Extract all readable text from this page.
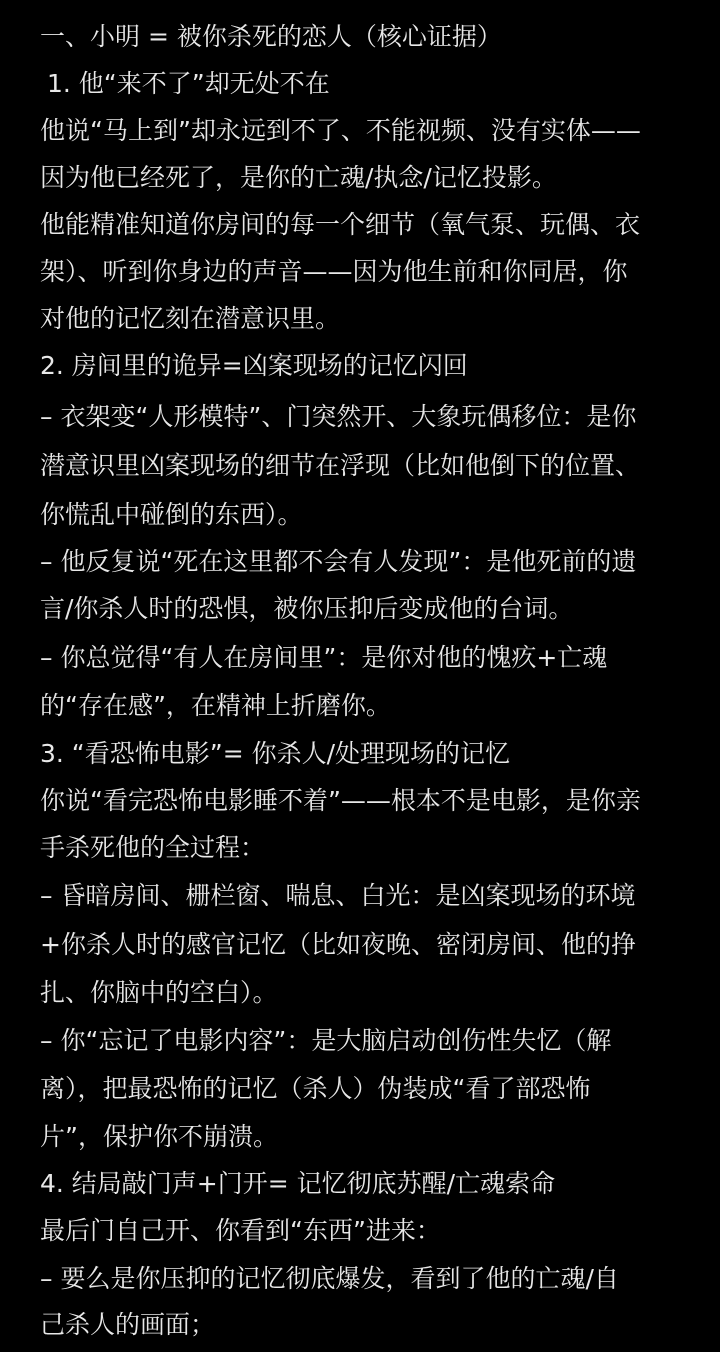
一、小明 = 被你杀死的恋人（核心证据）
1. 他“来不了”却无处不在
他说“马上到”却永远到不了、不能视频、没有实体——
因为他已经死了，是你的亡魂/执念/记忆投影。
他能精准知道你房间的每一个细节（氧气泵、玩偶、衣
架）、听到你身边的声音——因为他生前和你同居，你
对他的记忆刻在潜意识里。
2. 房间里的诡异=凶案现场的记忆闪回
– 衣架变“人形模特”、门突然开、大象玩偶移位：是你
潜意识里凶案现场的细节在浮现（比如他倒下的位置、
你慌乱中碰倒的东西）。
– 他反复说“死在这里都不会有人发现”：是他死前的遗
言/你杀人时的恐惧，被你压抑后变成他的台词。
– 你总觉得“有人在房间里”：是你对他的愧疚+亡魂
的“存在感”，在精神上折磨你。
3. “看恐怖电影”= 你杀人/处理现场的记忆
你说“看完恐怖电影睡不着”——根本不是电影，是你亲
手杀死他的全过程：
– 昏暗房间、栅栏窗、喘息、白光：是凶案现场的环境
+你杀人时的感官记忆（比如夜晚、密闭房间、他的挣
扎、你脑中的空白）。
– 你“忘记了电影内容”：是大脑启动创伤性失忆（解
离），把最恐怖的记忆（杀人）伪装成“看了部恐怖
片”，保护你不崩溃。
4. 结局敲门声+门开= 记忆彻底苏醒/亡魂索命
最后门自己开、你看到“东西”进来：
– 要么是你压抑的记忆彻底爆发，看到了他的亡魂/自
己杀人的画面；
